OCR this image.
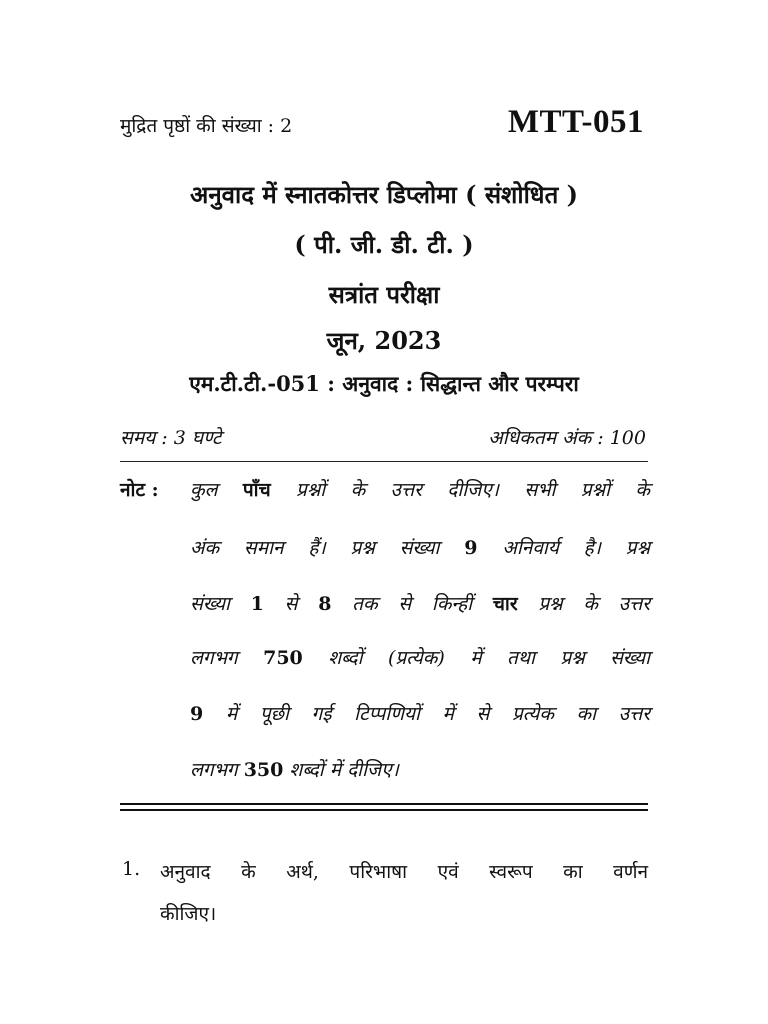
मुद्रित पृष्ठों की संख्या : 2	MTT-051
अनुवाद में स्नातकोत्तर डिप्लोमा ( संशोधित )
( पी. जी. डी. टी. )
सत्रांत परीक्षा
जून, 2023
एम.टी.टी.-051 : अनुवाद : सिद्धान्त और परम्परा
समय : 3 घण्टे	अधिकतम अंक : 100
नोट : कुल पाँच प्रश्नों के उत्तर दीजिए। सभी प्रश्नों के
अंक समान हैं। प्रश्न संख्या 9 अनिवार्य है। प्रश्न
संख्या 1 से 8 तक से किन्हीं चार प्रश्न के उत्तर
लगभग 750 शब्दों (प्रत्येक) में तथा प्रश्न संख्या
9 में पूछी गई टिप्पणियों में से प्रत्येक का उत्तर
लगभग 350 शब्दों में दीजिए।
1. अनुवाद के अर्थ, परिभाषा एवं स्वरूप का वर्णन
कीजिए।
